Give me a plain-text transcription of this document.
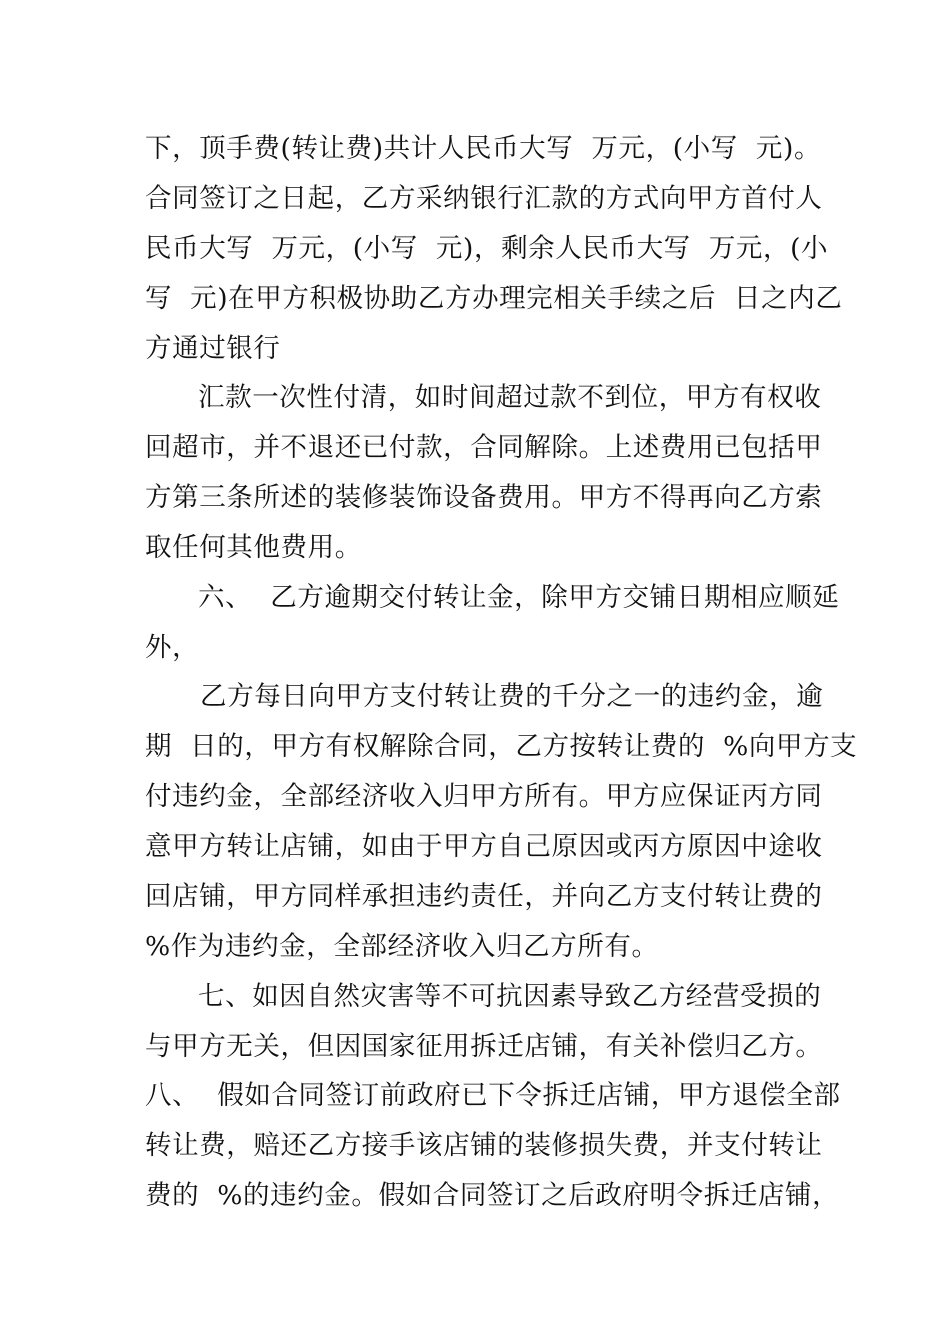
下，顶手费(转让费)共计人民币大写  万元，(小写  元)。
合同签订之日起，乙方采纳银行汇款的方式向甲方首付人
民币大写  万元，(小写  元)，剩余人民币大写  万元，(小
写  元)在甲方积极协助乙方办理完相关手续之后  日之内乙
方通过银行
汇款一次性付清，如时间超过款不到位，甲方有权收
回超市，并不退还已付款，合同解除。上述费用已包括甲
方第三条所述的装修装饰设备费用。甲方不得再向乙方索
取任何其他费用。
六、  乙方逾期交付转让金，除甲方交铺日期相应顺延
外，
乙方每日向甲方支付转让费的千分之一的违约金，逾
期  日的，甲方有权解除合同，乙方按转让费的  %向甲方支
付违约金，全部经济收入归甲方所有。甲方应保证丙方同
意甲方转让店铺，如由于甲方自己原因或丙方原因中途收
回店铺，甲方同样承担违约责任，并向乙方支付转让费的
%作为违约金，全部经济收入归乙方所有。
七、如因自然灾害等不可抗因素导致乙方经营受损的
与甲方无关，但因国家征用拆迁店铺，有关补偿归乙方。
八、  假如合同签订前政府已下令拆迁店铺，甲方退偿全部
转让费，赔还乙方接手该店铺的装修损失费，并支付转让
费的  %的违约金。假如合同签订之后政府明令拆迁店铺，
